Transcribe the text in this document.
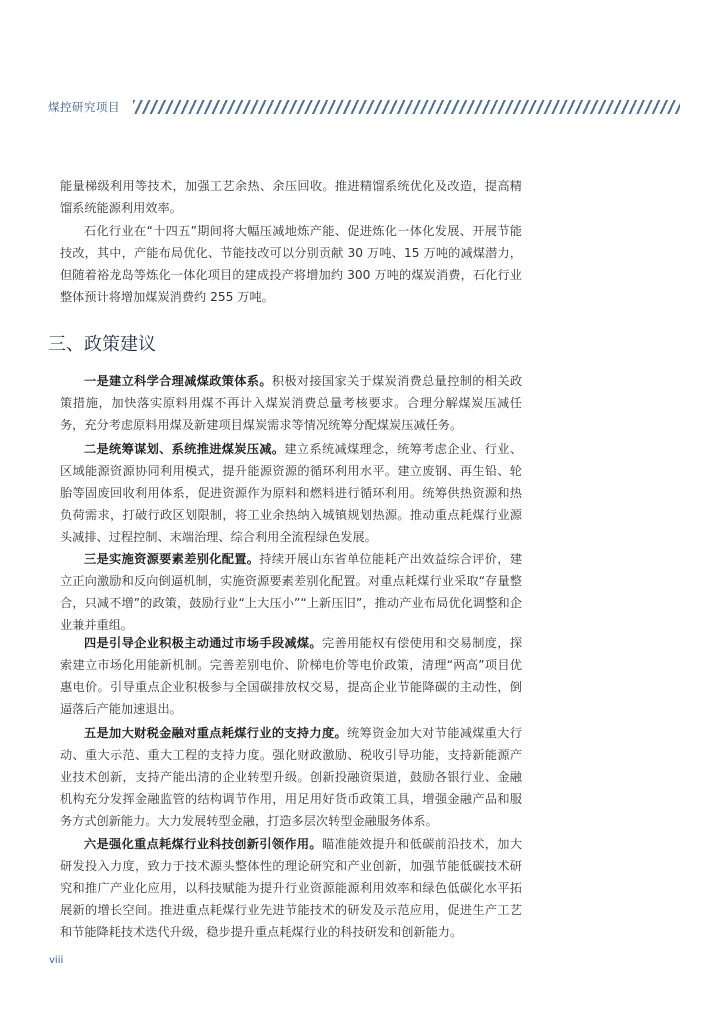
煤控研究项目

能量梯级利用等技术，加强工艺余热、余压回收。推进精馏系统优化及改造，提高精馏系统能源利用效率。

石化行业在“十四五”期间将大幅压减地炼产能、促进炼化一体化发展、开展节能技改，其中，产能布局优化、节能技改可以分别贡献 30 万吨、15 万吨的减煤潜力，但随着裕龙岛等炼化一体化项目的建成投产将增加约 300 万吨的煤炭消费，石化行业整体预计将增加煤炭消费约 255 万吨。

三、政策建议

一是建立科学合理减煤政策体系。积极对接国家关于煤炭消费总量控制的相关政策措施，加快落实原料用煤不再计入煤炭消费总量考核要求。合理分解煤炭压减任务，充分考虑原料用煤及新建项目煤炭需求等情况统筹分配煤炭压减任务。

二是统筹谋划、系统推进煤炭压减。建立系统减煤理念，统筹考虑企业、行业、区域能源资源协同利用模式，提升能源资源的循环利用水平。建立废钢、再生铅、轮胎等固废回收利用体系，促进资源作为原料和燃料进行循环利用。统筹供热资源和热负荷需求，打破行政区划限制，将工业余热纳入城镇规划热源。推动重点耗煤行业源头减排、过程控制、末端治理、综合利用全流程绿色发展。

三是实施资源要素差别化配置。持续开展山东省单位能耗产出效益综合评价，建立正向激励和反向倒逼机制，实施资源要素差别化配置。对重点耗煤行业采取“存量整合，只减不增”的政策，鼓励行业“上大压小”“上新压旧”，推动产业布局优化调整和企业兼并重组。

四是引导企业积极主动通过市场手段减煤。完善用能权有偿使用和交易制度，探索建立市场化用能新机制。完善差别电价、阶梯电价等电价政策，清理“两高”项目优惠电价。引导重点企业积极参与全国碳排放权交易，提高企业节能降碳的主动性，倒逼落后产能加速退出。

五是加大财税金融对重点耗煤行业的支持力度。统筹资金加大对节能减煤重大行动、重大示范、重大工程的支持力度。强化财政激励、税收引导功能，支持新能源产业技术创新，支持产能出清的企业转型升级。创新投融资渠道，鼓励各银行业、金融机构充分发挥金融监管的结构调节作用，用足用好货币政策工具，增强金融产品和服务方式创新能力。大力发展转型金融，打造多层次转型金融服务体系。

六是强化重点耗煤行业科技创新引领作用。瞄准能效提升和低碳前沿技术，加大研发投入力度，致力于技术源头整体性的理论研究和产业创新，加强节能低碳技术研究和推广产业化应用，以科技赋能为提升行业资源能源利用效率和绿色低碳化水平拓展新的增长空间。推进重点耗煤行业先进节能技术的研发及示范应用，促进生产工艺和节能降耗技术迭代升级，稳步提升重点耗煤行业的科技研发和创新能力。

viii
